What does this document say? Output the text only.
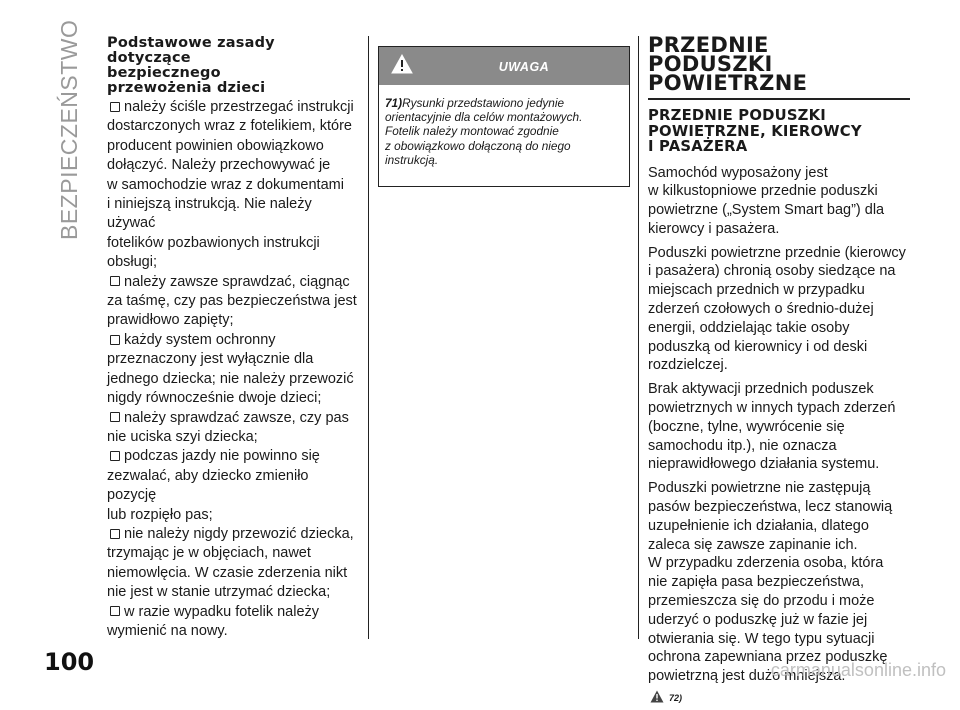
BEZPIECZEŃSTWO Podstawowe zasady
dotyczące
bezpiecznego
przewożenia dzieci
należy ściśle przestrzegać instrukcji
dostarczonych wraz z fotelikiem, które
producent powinien obowiązkowo
dołączyć. Należy przechowywać je
w samochodzie wraz z dokumentami
i niniejszą instrukcją. Nie należy używać
fotelików pozbawionych instrukcji
obsługi;
należy zawsze sprawdzać, ciągnąc
za taśmę, czy pas bezpieczeństwa jest
prawidłowo zapięty;
każdy system ochronny
przeznaczony jest wyłącznie dla
jednego dziecka; nie należy przewozić
nigdy równocześnie dwoje dzieci;
należy sprawdzać zawsze, czy pas
nie uciska szyi dziecka;
podczas jazdy nie powinno się
zezwalać, aby dziecko zmieniło pozycję
lub rozpięło pas;
nie należy nigdy przewozić dziecka,
trzymając je w objęciach, nawet
niemowlęcia. W czasie zderzenia nikt
nie jest w stanie utrzymać dziecka;
w razie wypadku fotelik należy
wymienić na nowy.
UWAGA
71)Rysunki przedstawiono jedynie
orientacyjnie dla celów montażowych.
Fotelik należy montować zgodnie
z obowiązkowo dołączoną do niego
instrukcją.
PRZEDNIE
PODUSZKI
POWIETRZNE
PRZEDNIE PODUSZKI
POWIETRZNE, KIEROWCY
I PASAŻERA
Samochód wyposażony jest
w kilkustopniowe przednie poduszki
powietrzne („System Smart bag”) dla
kierowcy i pasażera.
Poduszki powietrzne przednie (kierowcy
i pasażera) chronią osoby siedzące na
miejscach przednich w przypadku
zderzeń czołowych o średnio-dużej
energii, oddzielając takie osoby
poduszką od kierownicy i od deski
rozdzielczej.
Brak aktywacji przednich poduszek
powietrznych w innych typach zderzeń
(boczne, tylne, wywrócenie się
samochodu itp.), nie oznacza
nieprawidłowego działania systemu.
Poduszki powietrzne nie zastępują
pasów bezpieczeństwa, lecz stanowią
uzupełnienie ich działania, dlatego
zaleca się zawsze zapinanie ich.
W przypadku zderzenia osoba, która
nie zapięła pasa bezpieczeństwa,
przemieszcza się do przodu i może
uderzyć o poduszkę już w fazie jej
otwierania się. W tego typu sytuacji
ochrona zapewniana przez poduszkę
powietrzną jest dużo mniejsza.
72)
100	carmanualsonline.info
